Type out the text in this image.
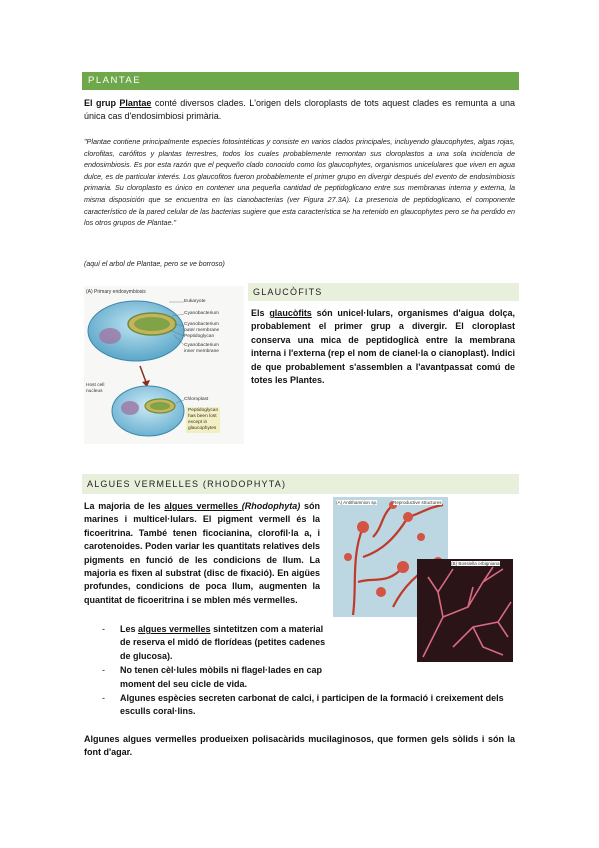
PLANTAE
El grup Plantae conté diversos clades. L'origen dels cloroplasts de tots aquest clades es remunta a una única cas d'endosimbiosi primària.
"Plantae contiene principalmente especies fotosintéticas y consiste en varios clados principales, incluyendo glaucophytes, algas rojas, clorofitas, carófitos y plantas terrestres, todos los cuales probablemente remontan sus cloroplastos a una sola incidencia de endosimbiosis. Es por esta razón que el pequeño clado conocido como los glaucophytes, organismos unicelulares que viven en agua dulce, es de particular interés. Los glaucofitos fueron probablemente el primer grupo en divergir después del evento de endosimbiosis primaria. Su cloroplasto es único en contener una pequeña cantidad de peptidoglicano entre sus membranas interna y externa, la misma disposición que se encuentra en las cianobacterias (ver Figura 27.3A). La presencia de peptidoglicano, el componente característico de la pared celular de las bacterias sugiere que esta característica se ha retenido en glaucophytes pero se ha perdido en los otros grupos de Plantae."
(aquí el arbol de Plantae, pero se ve borroso)
(A) Primary endosymbiosis
Eukaryote
Cyanobacterium
Cyanobacterium
outer membrane
Peptidoglycan
Cyanobacterium
inner membrane
Host cell
nucleus
Chloroplast
Peptidoglycan
has been lost
except in
glaucophytes
GLAUCÒFITS
Els glaucòfits són unicel·lulars, organismes d'aigua dolça, probablement el primer grup a divergir. El cloroplast conserva una mica de peptidoglicà entre la membrana interna i l'externa (rep el nom de cianel·la o cianoplast). Indici de que probablement s'assemblen a l'avantpassat comú de totes les Plantes.
ALGUES VERMELLES (RHODOPHYTA)
La majoria de les algues vermelles (Rhodophyta) són marines i multicel·lulars. El pigment vermell és la ficoeritrina. També tenen ficocianina, clorofil·la a, i carotenoides. Poden variar les quantitats relatives dels pigments en funció de les condicions de llum. La majoria es fixen al substrat (disc de fixació). En aigües profundes, condicions de poca llum, augmenten la quantitat de ficoeritrina i se mblen més vermelles.
(A) Antithamnion sp.	Reproductive structures
(B) Bossiella orbigniana
- Les algues vermelles sintetitzen com a material de reserva el midó de florídeas (petites cadenes de glucosa).
- No tenen cèl·lules mòbils ni flagel·lades en cap moment del seu cicle de vida.
- Algunes espècies secreten carbonat de calci, i participen de la formació i creixement dels esculls coral·lins.
Algunes algues vermelles produeixen polisacàrids mucilaginosos, que formen gels sòlids i són la font d'agar.
